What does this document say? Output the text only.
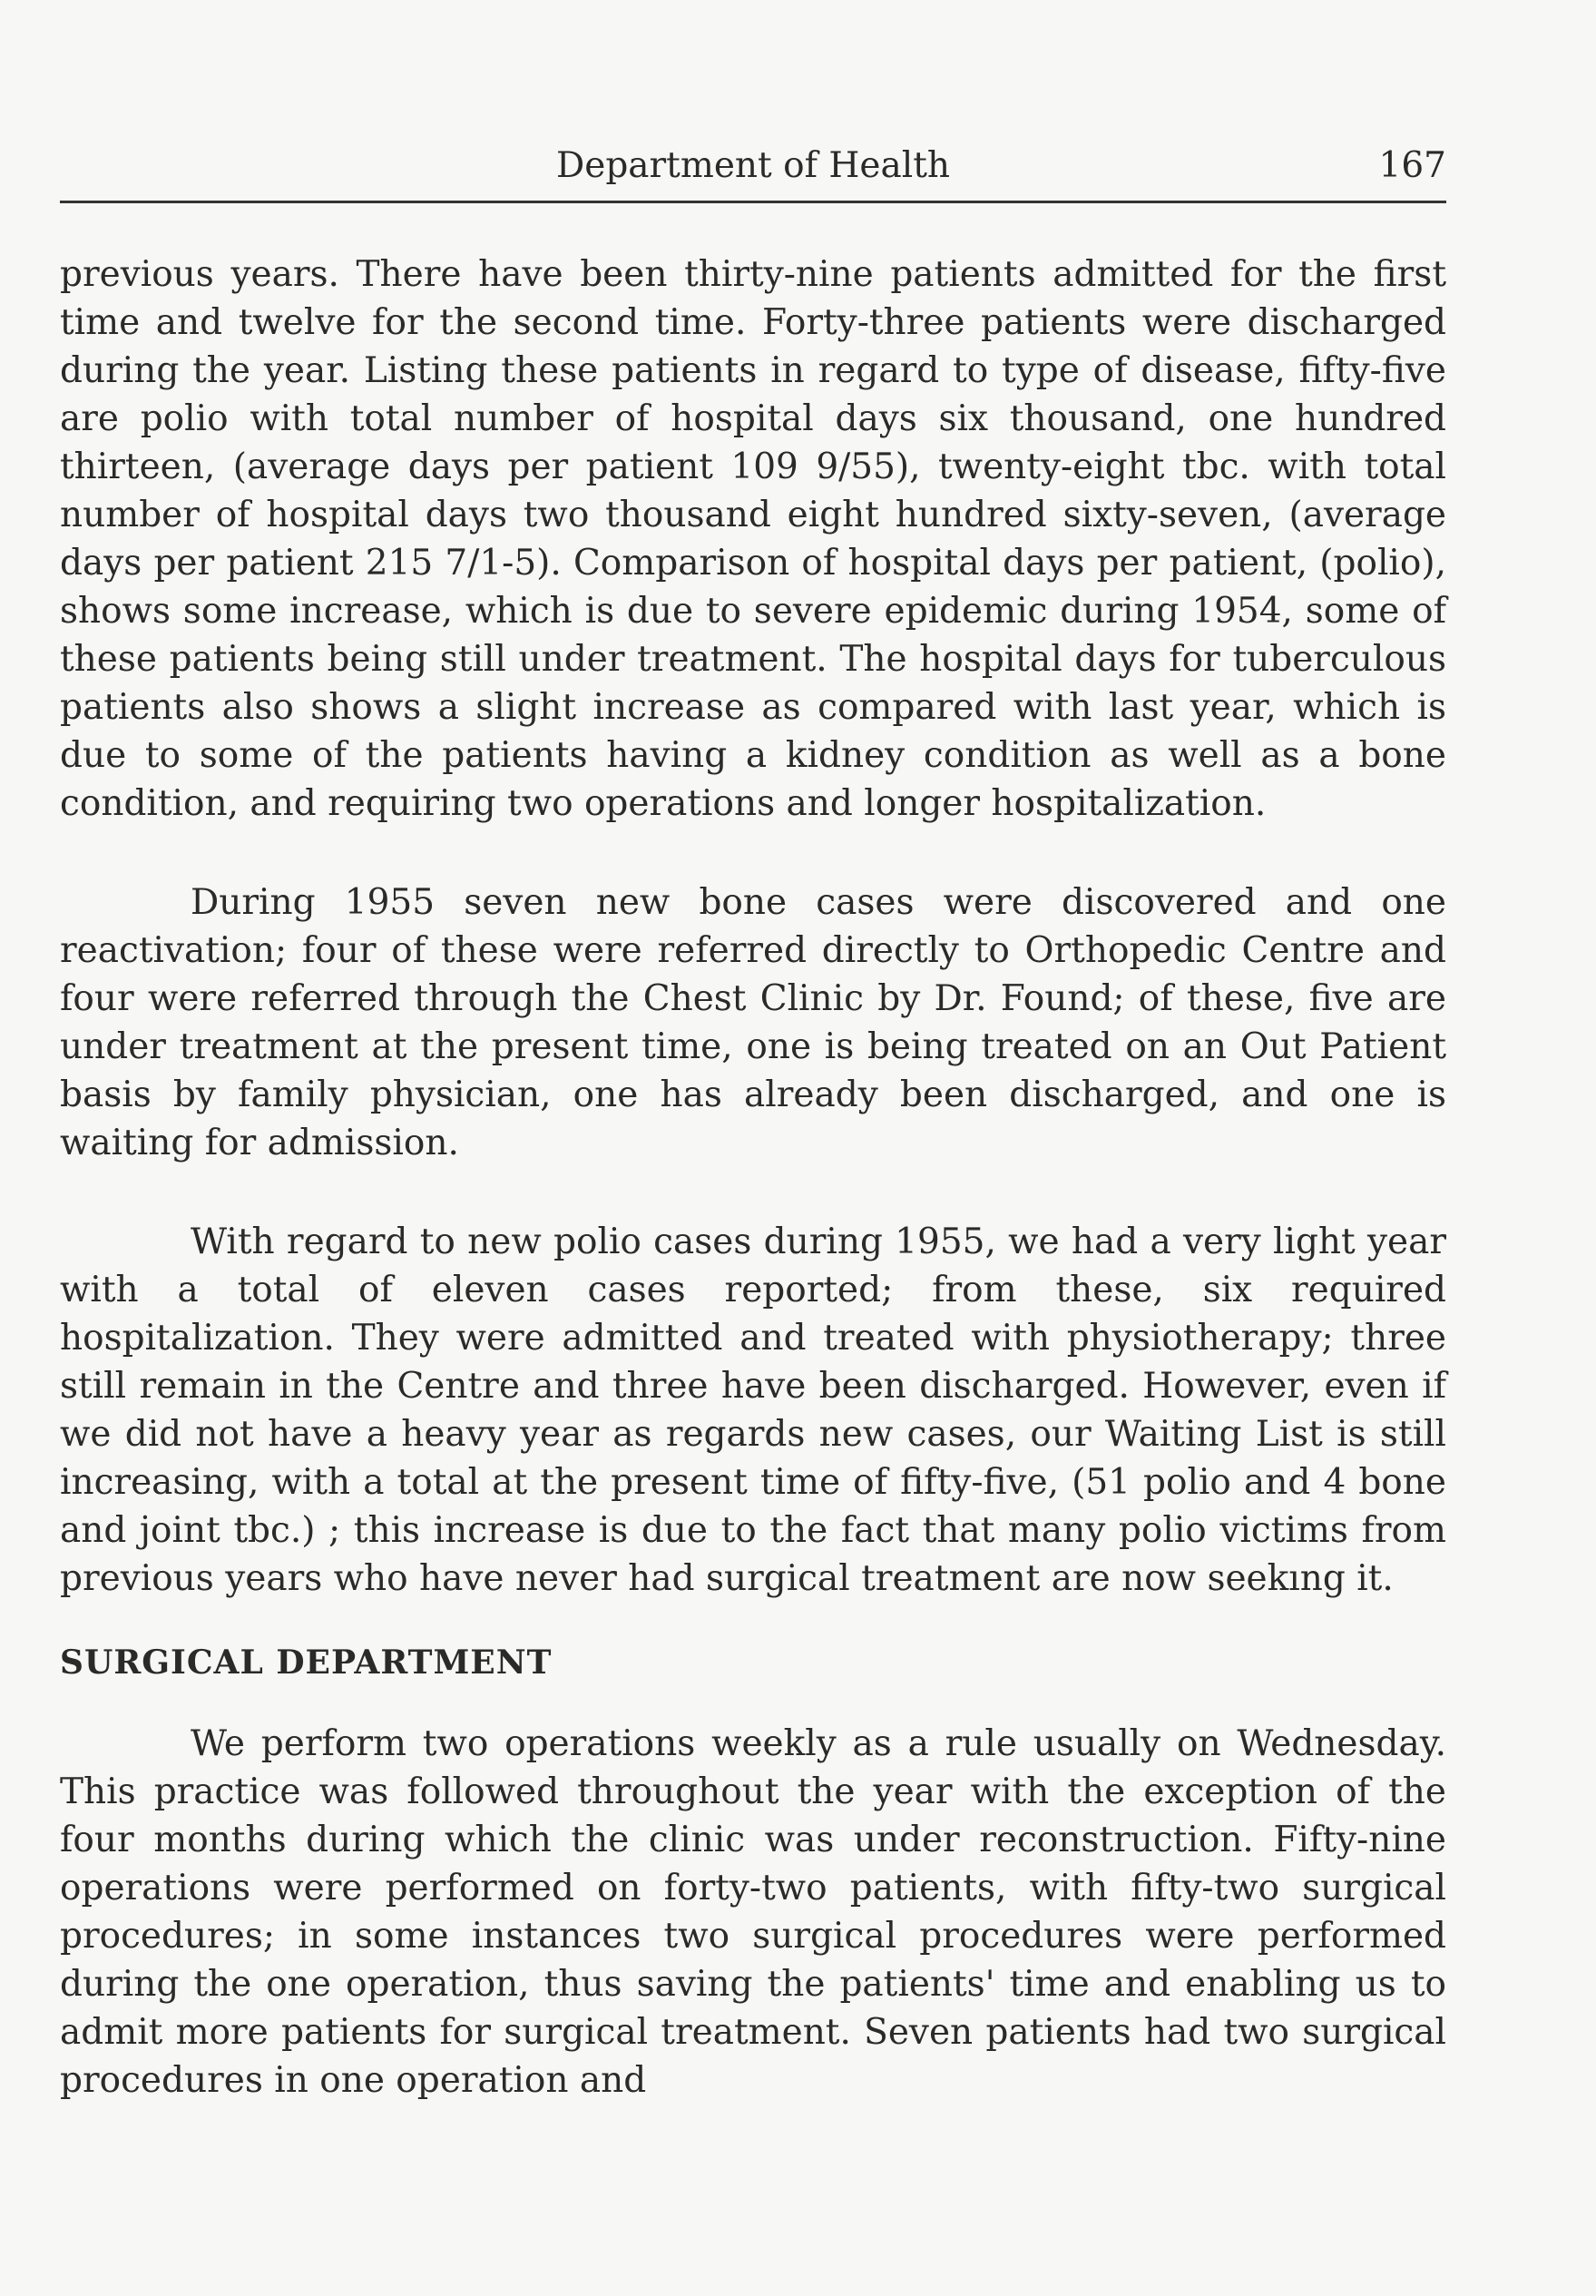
Department of Health	167

previous years. There have been thirty-nine patients admitted for the first time and twelve for the second time. Forty-three patients were discharged during the year. Listing these patients in regard to type of disease, fifty-five are polio with total number of hospital days six thousand, one hundred thirteen, (average days per patient 109 9/55), twenty-eight tbc. with total number of hospital days two thousand eight hundred sixty-seven, (average days per patient 215 7/1-5). Comparison of hospital days per patient, (polio), shows some increase, which is due to severe epidemic during 1954, some of these patients being still under treatment. The hospital days for tuberculous patients also shows a slight increase as compared with last year, which is due to some of the patients having a kidney condition as well as a bone condition, and requiring two operations and longer hospitalization.

During 1955 seven new bone cases were discovered and one reactivation; four of these were referred directly to Orthopedic Centre and four were referred through the Chest Clinic by Dr. Found; of these, five are under treatment at the present time, one is being treated on an Out Patient basis by family physician, one has already been discharged, and one is waiting for admission.

With regard to new polio cases during 1955, we had a very light year with a total of eleven cases reported; from these, six required hospitalization. They were admitted and treated with physiotherapy; three still remain in the Centre and three have been discharged. However, even if we did not have a heavy year as regards new cases, our Waiting List is still increasing, with a total at the present time of fifty-five, (51 polio and 4 bone and joint tbc.) ; this increase is due to the fact that many polio victims from previous years who have never had surgical treatment are now seekıng it.

SURGICAL DEPARTMENT

We perform two operations weekly as a rule usually on Wednesday. This practice was followed throughout the year with the exception of the four months during which the clinic was under reconstruction. Fifty-nine operations were performed on forty-two patients, with fifty-two surgical procedures; in some instances two surgical procedures were performed during the one operation, thus saving the patients' time and enabling us to admit more patients for surgical treatment. Seven patients had two surgical procedures in one operation and
